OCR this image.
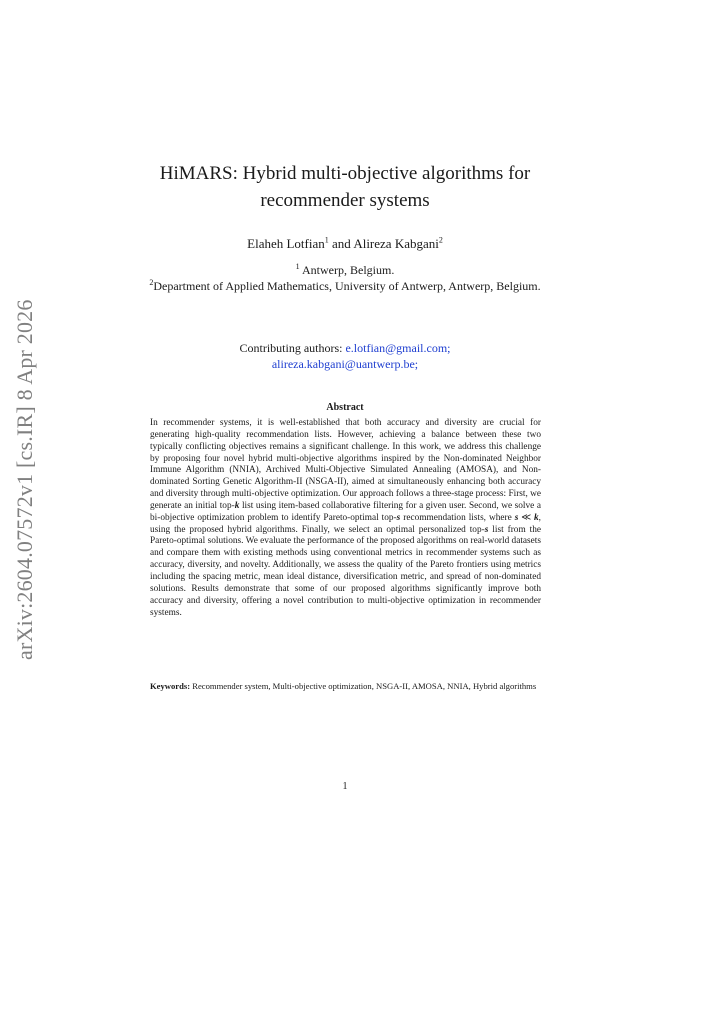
arXiv:2604.07572v1 [cs.IR] 8 Apr 2026
HiMARS: Hybrid multi-objective algorithms for
recommender systems
Elaheh Lotfian$^1$ and Alireza Kabgani$^2$
$^1$ Antwerp, Belgium.
$^2$Department of Applied Mathematics, University of Antwerp, Antwerp, Belgium.
Contributing authors: e.lotfian@gmail.com;
alireza.kabgani@uantwerp.be;
Abstract
In recommender systems, it is well-established that both accuracy and diversity are crucial for generating high-quality recommendation lists. However, achieving a balance between these two typically conflicting objectives remains a significant challenge. In this work, we address this challenge by proposing four novel hybrid multi-objective algorithms inspired by the Non-dominated Neighbor Immune Algorithm (NNIA), Archived Multi-Objective Simulated Annealing (AMOSA), and Non-dominated Sorting Genetic Algorithm-II (NSGA-II), aimed at simultaneously enhancing both accuracy and diversity through multi-objective optimization. Our approach follows a three-stage process: First, we generate an initial top-k list using item-based collaborative filtering for a given user. Second, we solve a bi-objective optimization problem to identify Pareto-optimal top-s recommendation lists, where s ≪ k, using the proposed hybrid algorithms. Finally, we select an optimal personalized top-s list from the Pareto-optimal solutions. We evaluate the performance of the proposed algorithms on real-world datasets and compare them with existing methods using conventional metrics in recommender systems such as accuracy, diversity, and novelty. Additionally, we assess the quality of the Pareto frontiers using metrics including the spacing metric, mean ideal distance, diversification metric, and spread of non-dominated solutions. Results demonstrate that some of our proposed algorithms significantly improve both accuracy and diversity, offering a novel contribution to multi-objective optimization in recommender systems.
Keywords: Recommender system, Multi-objective optimization, NSGA-II, AMOSA, NNIA, Hybrid algorithms
1
